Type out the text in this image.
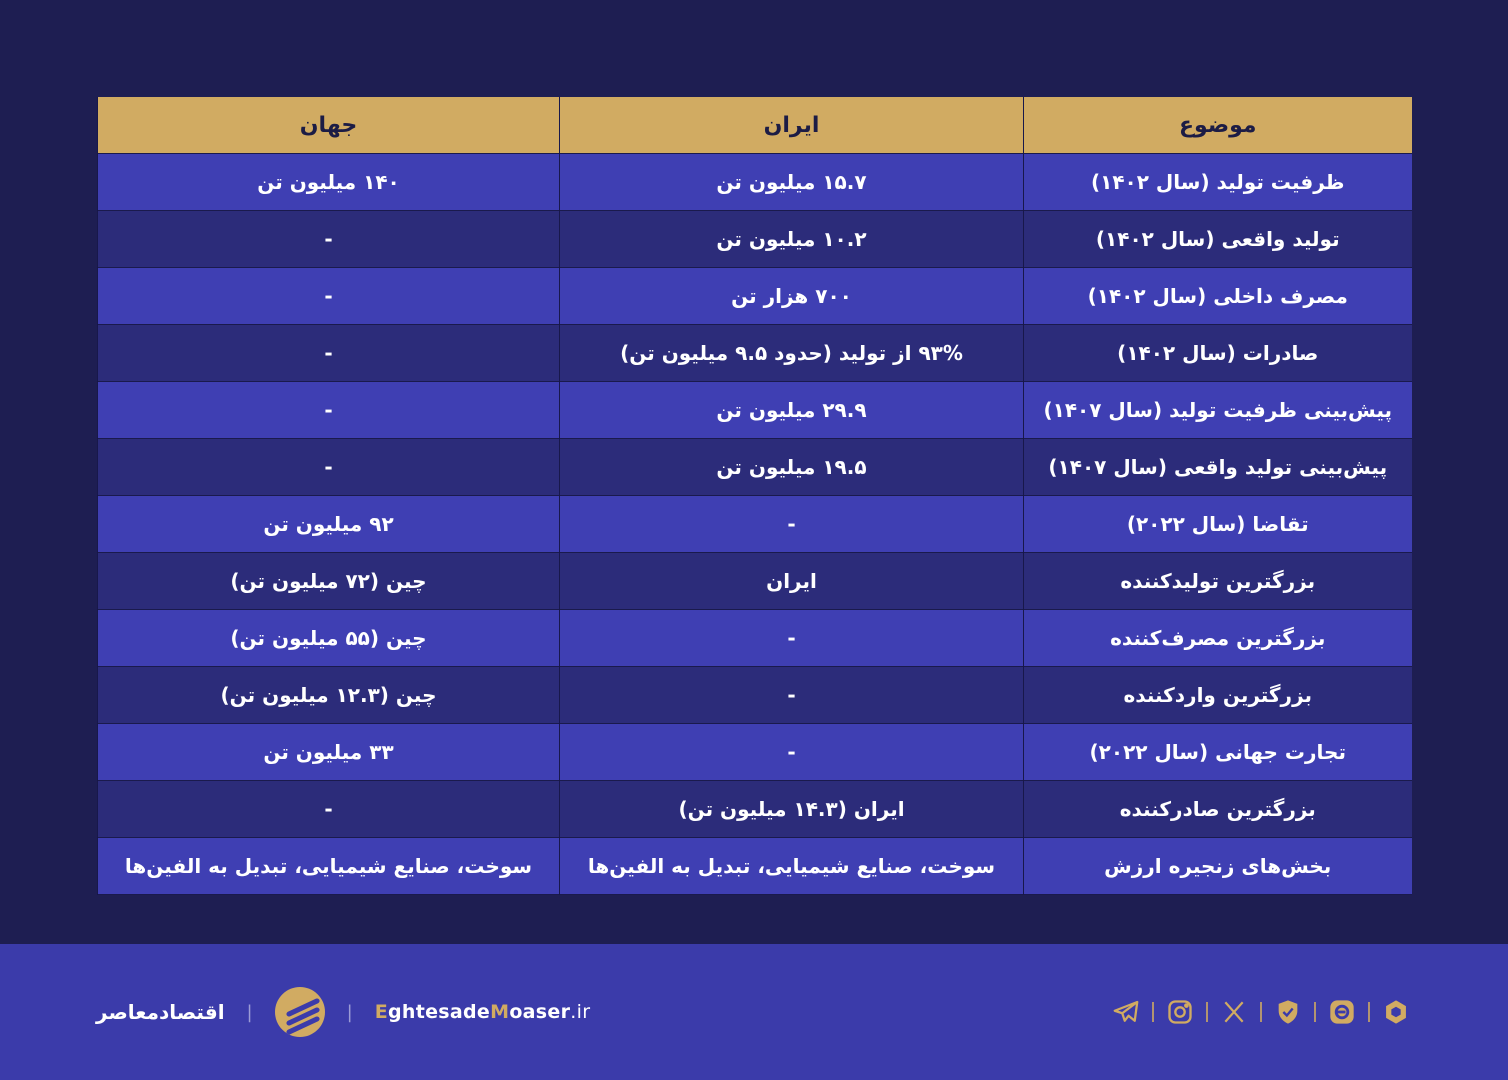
موضوع	ایران	جهان
ظرفیت تولید (سال ۱۴۰۲)	۱۵.۷ میلیون تن	۱۴۰ میلیون تن
تولید واقعی (سال ۱۴۰۲)	۱۰.۲ میلیون تن	-
مصرف داخلی (سال ۱۴۰۲)	۷۰۰ هزار تن	-
صادرات (سال ۱۴۰۲)	۹۳% از تولید (حدود ۹.۵ میلیون تن)	-
پیش‌بینی ظرفیت تولید (سال ۱۴۰۷)	۲۹.۹ میلیون تن	-
پیش‌بینی تولید واقعی (سال ۱۴۰۷)	۱۹.۵ میلیون تن	-
تقاضا (سال ۲۰۲۲)	-	۹۲ میلیون تن
بزرگترین تولیدکننده	ایران	چین (۷۲ میلیون تن)
بزرگترین مصرف‌کننده	-	چین (۵۵ میلیون تن)
بزرگترین واردکننده	-	چین (۱۲.۳ میلیون تن)
تجارت جهانی (سال ۲۰۲۲)	-	۳۳ میلیون تن
بزرگترین صادرکننده	ایران (۱۴.۳ میلیون تن)	-
بخش‌های زنجیره ارزش	سوخت، صنایع شیمیایی، تبدیل به الفین‌ها	سوخت، صنایع شیمیایی، تبدیل به الفین‌ها
اقتصادمعاصر |	| EghtesadeMoaser.ir
